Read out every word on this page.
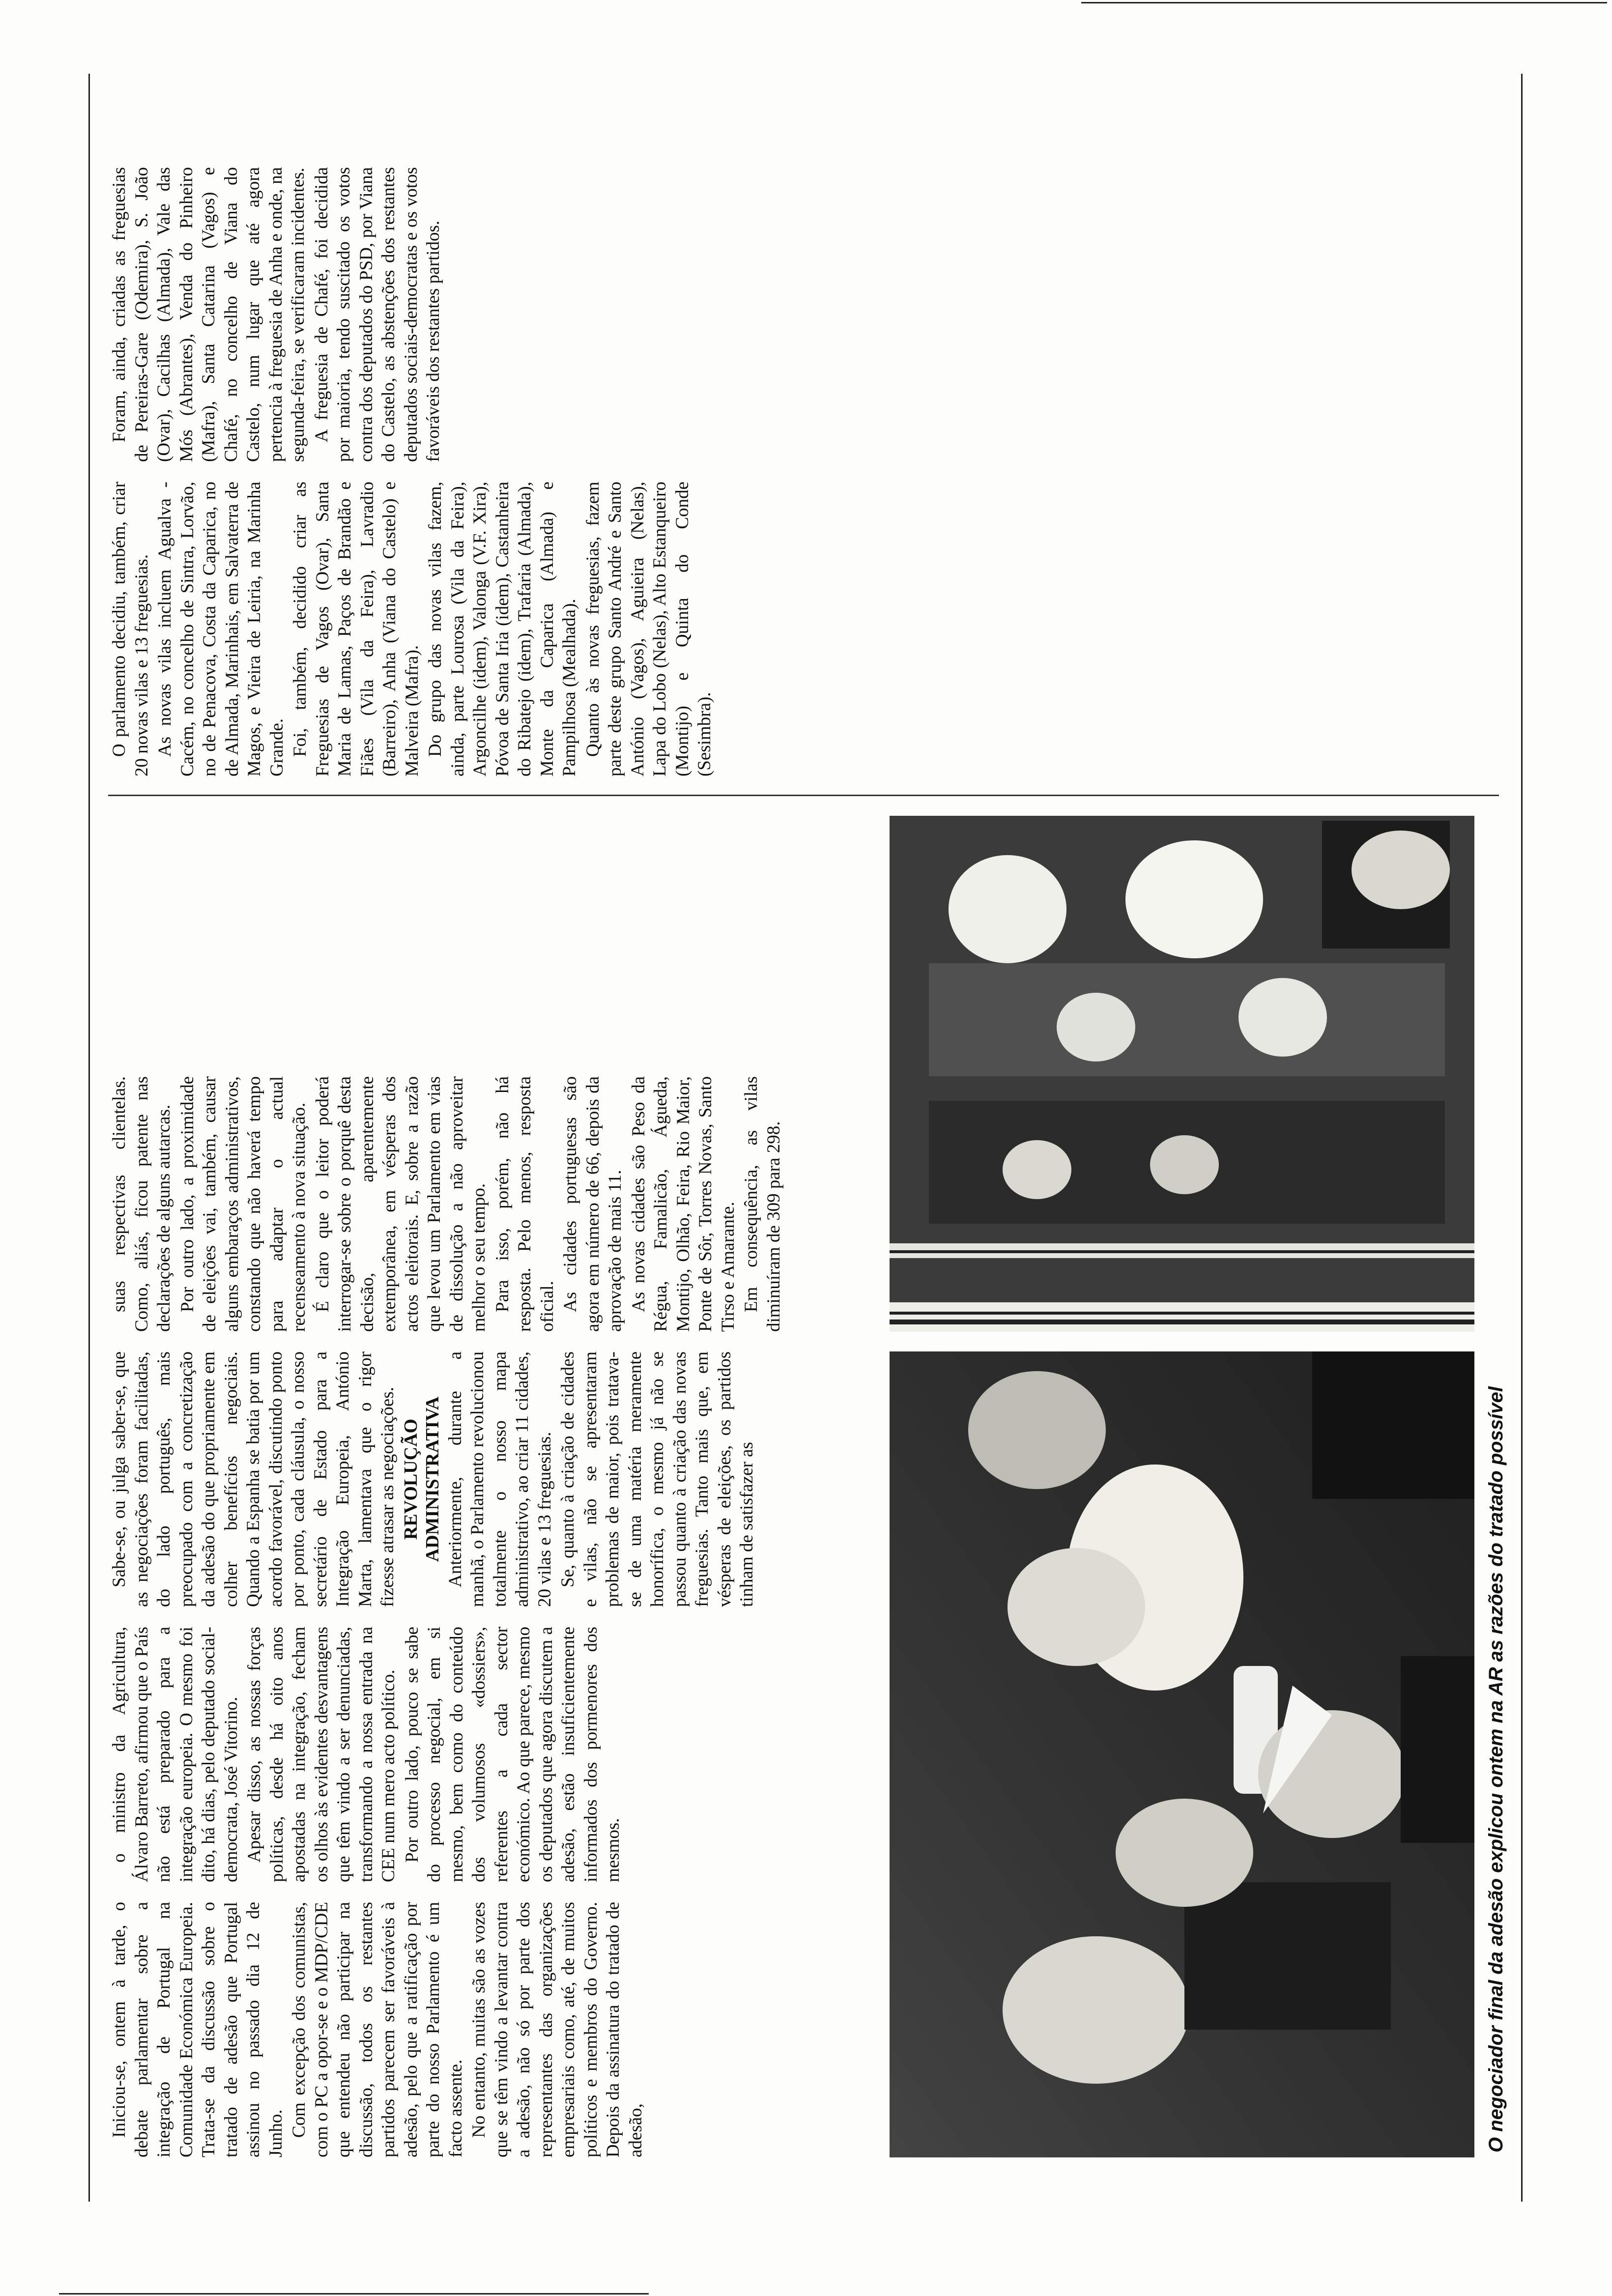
Iniciou-se, ontem à tarde, o debate parlamentar sobre a integração de Portugal na Comunidade Económica Europeia. Trata-se da discussão sobre o tratado de adesão que Portugal assinou no passado dia 12 de Junho. Com excepção dos comunistas, com o PC a opor-se e o MDP/CDE que entendeu não participar na discussão, todos os restantes partidos parecem ser favoráveis à adesão, pelo que a ratificação por parte do nosso Parlamento é um facto assente. No entanto, muitas são as vozes que se têm vindo a levantar contra a adesão, não só por parte dos representantes das organizações empresariais como, até, de muitos políticos e membros do Governo. Depois da assinatura do tratado de adesão,

o ministro da Agricultura, Álvaro Barreto, afirmou que o País não está preparado para a integração europeia. O mesmo foi dito, há dias, pelo deputado social-democrata, José Vitorino. Apesar disso, as nossas forças políticas, desde há oito anos apostadas na integração, fecham os olhos às evidentes desvantagens que têm vindo a ser denunciadas, transformando a nossa entrada na CEE num mero acto político. Por outro lado, pouco se sabe do processo negocial, em si mesmo, bem como do conteúdo dos volumosos «dossiers», referentes a cada sector económico. Ao que parece, mesmo os deputados que agora discutem a adesão, estão insuficientemente informados dos pormenores dos mesmos.

Sabe-se, ou julga saber-se, que as negociações foram facilitadas, do lado português, mais preocupado com a concretização da adesão do que propriamente em colher benefícios negociais. Quando a Espanha se batia por um acordo favorável, discutindo ponto por ponto, cada cláusula, o nosso secretário de Estado para a Integração Europeia, António Marta, lamentava que o rigor fizesse atrasar as negociações. REVOLUÇÃO ADMINISTRATIVA Anteriormente, durante a manhã, o Parlamento revolucionou totalmente o nosso mapa administrativo, ao criar 11 cidades, 20 vilas e 13 freguesias. Se, quanto à criação de cidades e vilas, não se apresentaram problemas de maior, pois tratava-se de uma matéria meramente honorífica, o mesmo já não se passou quanto à criação das novas freguesias. Tanto mais que, em vésperas de eleições, os partidos tinham de satisfazer as

suas respectivas clientelas. Como, aliás, ficou patente nas declarações de alguns autarcas. Por outro lado, a proximidade de eleições vai, também, causar alguns embaraços administrativos, constando que não haverá tempo para adaptar o actual recenseamento à nova situação. É claro que o leitor poderá interrogar-se sobre o porquê desta decisão, aparentemente extemporânea, em vésperas dos actos eleitorais. E, sobre a razão que levou um Parlamento em vias de dissolução a não aproveitar melhor o seu tempo. Para isso, porém, não há resposta. Pelo menos, resposta oficial. As cidades portuguesas são agora em número de 66, depois da aprovação de mais 11. As novas cidades são Peso da Régua, Famalicão, Águeda, Montijo, Olhão, Feira, Rio Maior, Ponte de Sôr, Torres Novas, Santo Tirso e Amarante. Em consequência, as vilas diminuíram de 309 para 298.

O negociador final da adesão explicou ontem na AR as razões do tratado possível

O parlamento decidiu, também, criar 20 novas vilas e 13 freguesias. As novas vilas incluem Agualva - Cacém, no concelho de Sintra, Lorvão, no de Penacova, Costa da Caparica, no de Almada, Marinhais, em Salvaterra de Magos, e Vieira de Leiria, na Marinha Grande. Foi, também, decidido criar as Freguesias de Vagos (Ovar), Santa Maria de Lamas, Paços de Brandão e Fiães (Vila da Feira), Lavradio (Barreiro), Anha (Viana do Castelo) e Malveira (Mafra). Do grupo das novas vilas fazem, ainda, parte Lourosa (Vila da Feira), Argoncilhe (idem), Valonga (V.F. Xira), Póvoa de Santa Iria (idem), Castanheira do Ribatejo (idem), Trafaria (Almada), Monte da Caparica (Almada) e Pampilhosa (Mealhada). Quanto às novas freguesias, fazem parte deste grupo Santo André e Santo António (Vagos), Aguieira (Nelas), Lapa do Lobo (Nelas), Alto Estanqueiro (Montijo) e Quinta do Conde (Sesimbra).

Foram, ainda, criadas as freguesias de Pereiras-Gare (Odemira), S. João (Ovar), Cacilhas (Almada), Vale das Mós (Abrantes), Venda do Pinheiro (Mafra), Santa Catarina (Vagos) e Chafé, no concelho de Viana do Castelo, num lugar que até agora pertencia à freguesia de Anha e onde, na segunda-feira, se verificaram incidentes. A freguesia de Chafé, foi decidida por maioria, tendo suscitado os votos contra dos deputados do PSD, por Viana do Castelo, as abstenções dos restantes deputados sociais-democratas e os votos favoráveis dos restantes partidos.
